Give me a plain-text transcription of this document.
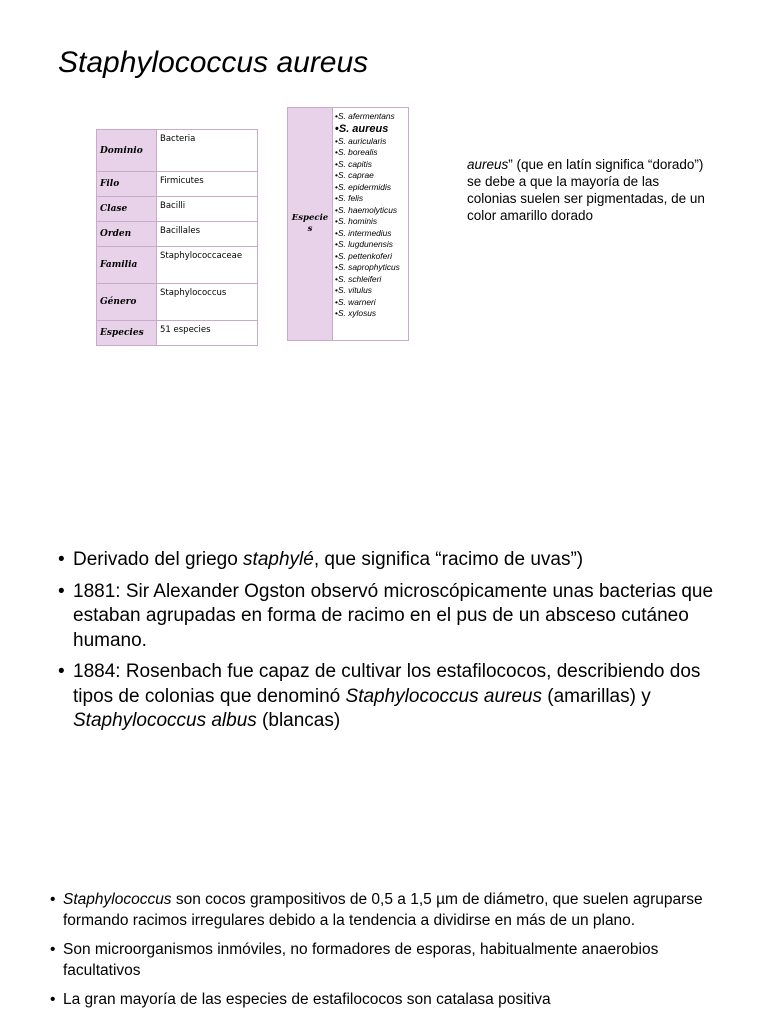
Staphylococcus aureus
Dominio	Bacteria
Filo	Firmicutes
Clase	Bacilli
Orden	Bacillales
Familia	Staphylococcaceae
Género	Staphylococcus
Especies	51 especies
Especies
• S. afermentans
• S. aureus
• S. auricularis
• S. borealis
• S. capitis
• S. caprae
• S. epidermidis
• S. felis
• S. haemolyticus
• S. hominis
• S. intermedius
• S. lugdunensis
• S. pettenkoferi
• S. saprophyticus
• S. schleiferi
• S. vitulus
• S. warneri
• S. xylosus

aureus” (que en latín significa “dorado”) se debe a que la mayoría de las colonias suelen ser pigmentadas, de un color amarillo dorado

• Derivado del griego staphylé, que significa “racimo de uvas”)
• 1881: Sir Alexander Ogston observó microscópicamente unas bacterias que estaban agrupadas en forma de racimo en el pus de un absceso cutáneo humano.
• 1884: Rosenbach fue capaz de cultivar los estafilococos, describiendo dos tipos de colonias que denominó Staphylococcus aureus (amarillas) y Staphylococcus albus (blancas)
• Staphylococcus son cocos grampositivos de 0,5 a 1,5 µm de diámetro, que suelen agruparse formando racimos irregulares debido a la tendencia a dividirse en más de un plano.
• Son microorganismos inmóviles, no formadores de esporas, habitualmente anaerobios facultativos
• La gran mayoría de las especies de estafilococos son catalasa positiva
